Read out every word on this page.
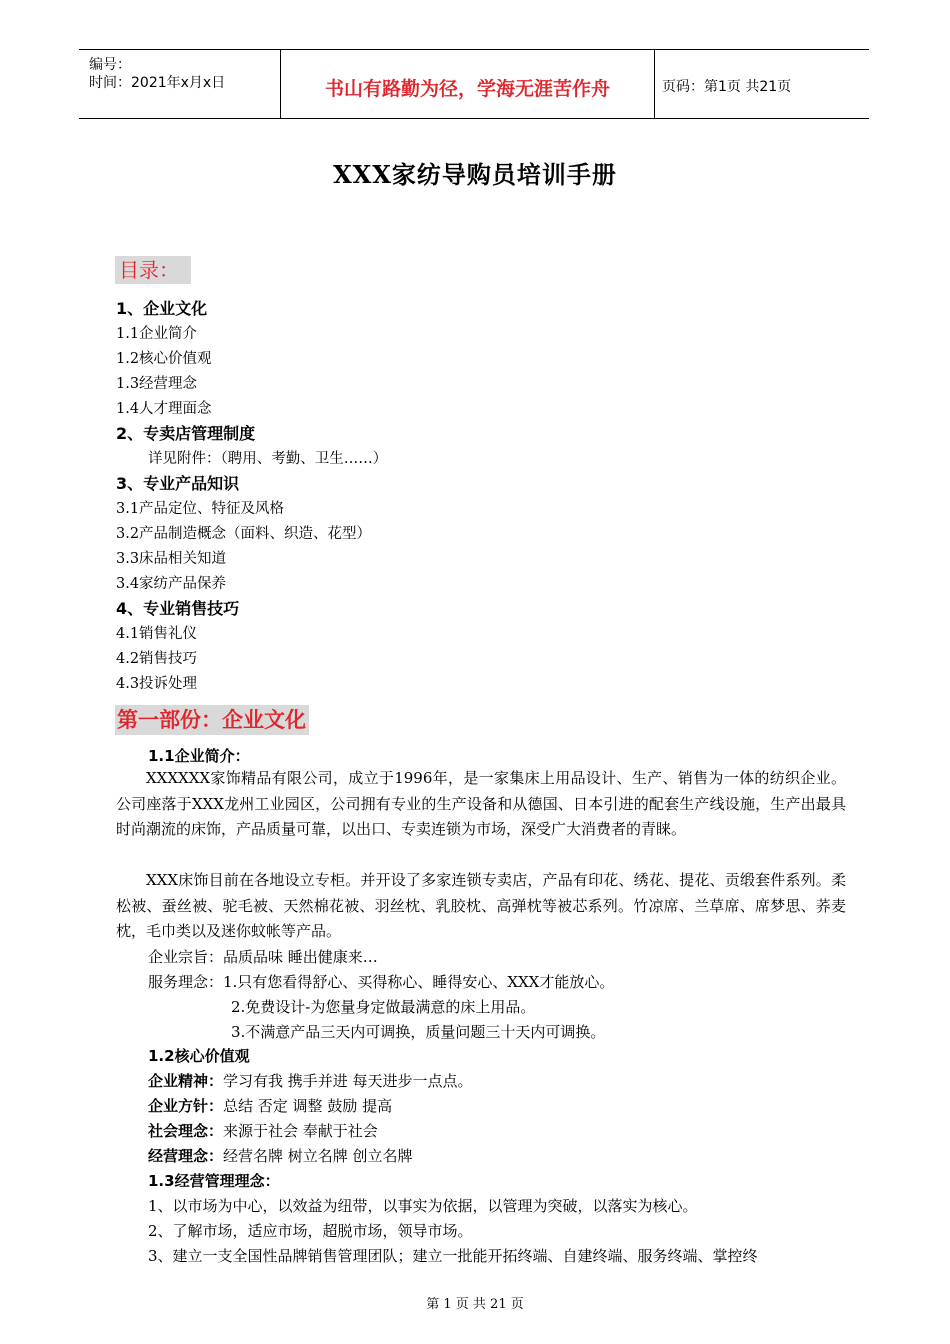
编号：
时间：2021年x月x日	书山有路勤为径，学海无涯苦作舟	页码：第1页 共21页
XXX家纺导购员培训手册
目录：
1、企业文化
1.1企业简介
1.2核心价值观
1.3经营理念
1.4人才理面念
2、专卖店管理制度
详见附件：（聘用、考勤、卫生……）
3、专业产品知识
3.1产品定位、特征及风格
3.2产品制造概念（面料、织造、花型）
3.3床品相关知道
3.4家纺产品保养
4、专业销售技巧
4.1销售礼仪
4.2销售技巧
4.3投诉处理
第一部份：企业文化
1.1企业简介：
XXXXXX家饰精品有限公司，成立于1996年，是一家集床上用品设计、生产、销售为一体的纺织企业。公司座落于XXX龙州工业园区，公司拥有专业的生产设备和从德国、日本引进的配套生产线设施，生产出最具时尚潮流的床饰，产品质量可靠，以出口、专卖连锁为市场，深受广大消费者的青睐。
XXX床饰目前在各地设立专柜。并开设了多家连锁专卖店，产品有印花、绣花、提花、贡缎套件系列。柔松被、蚕丝被、驼毛被、天然棉花被、羽丝枕、乳胶枕、高弹枕等被芯系列。竹凉席、兰草席、席梦思、荞麦枕，毛巾类以及迷你蚊帐等产品。
企业宗旨：品质品味 睡出健康来…
服务理念：1.只有您看得舒心、买得称心、睡得安心、XXX才能放心。
2.免费设计-为您量身定做最满意的床上用品。
3.不满意产品三天内可调换，质量问题三十天内可调换。
1.2核心价值观
企业精神：学习有我 携手并进 每天进步一点点。
企业方针：总结 否定 调整 鼓励 提高
社会理念：来源于社会 奉献于社会
经营理念：经营名牌 树立名牌 创立名牌
1.3经营管理理念：
1、以市场为中心，以效益为纽带，以事实为依据，以管理为突破，以落实为核心。
2、了解市场，适应市场，超脱市场，领导市场。
3、建立一支全国性品牌销售管理团队；建立一批能开拓终端、自建终端、服务终端、掌控终
第 1 页 共 21 页
